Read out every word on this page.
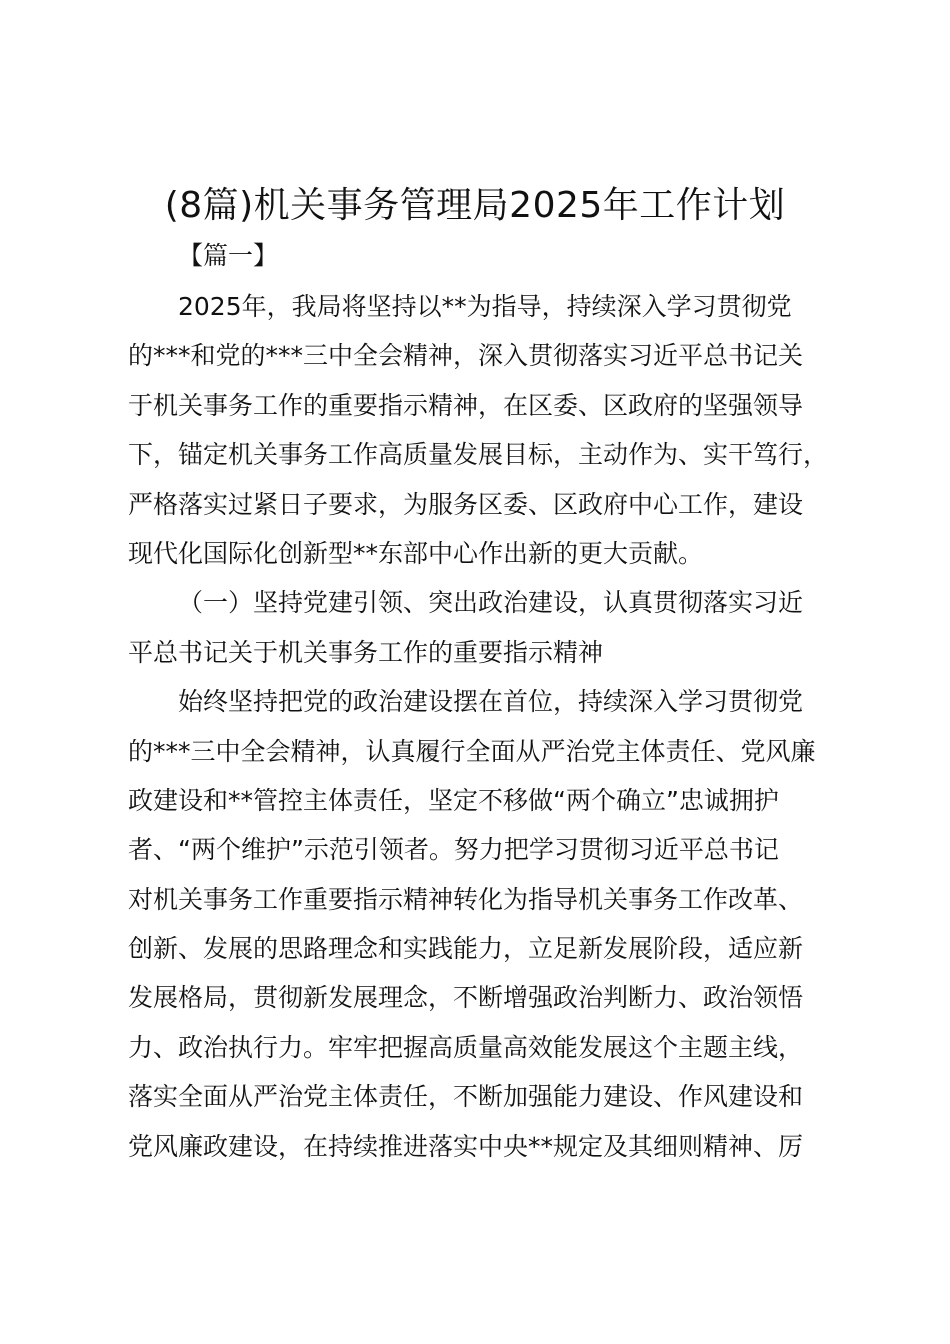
(8篇)机关事务管理局2025年工作计划
【篇一】
2025年，我局将坚持以**为指导，持续深入学习贯彻党
的***和党的***三中全会精神，深入贯彻落实习近平总书记关
于机关事务工作的重要指示精神，在区委、区政府的坚强领导
下，锚定机关事务工作高质量发展目标，主动作为、实干笃行，
严格落实过紧日子要求，为服务区委、区政府中心工作，建设
现代化国际化创新型**东部中心作出新的更大贡献。
（一）坚持党建引领、突出政治建设，认真贯彻落实习近
平总书记关于机关事务工作的重要指示精神
始终坚持把党的政治建设摆在首位，持续深入学习贯彻党
的***三中全会精神，认真履行全面从严治党主体责任、党风廉
政建设和**管控主体责任，坚定不移做“两个确立”忠诚拥护
者、“两个维护”示范引领者。努力把学习贯彻习近平总书记
对机关事务工作重要指示精神转化为指导机关事务工作改革、
创新、发展的思路理念和实践能力，立足新发展阶段，适应新
发展格局，贯彻新发展理念，不断增强政治判断力、政治领悟
力、政治执行力。牢牢把握高质量高效能发展这个主题主线，
落实全面从严治党主体责任，不断加强能力建设、作风建设和
党风廉政建设，在持续推进落实中央**规定及其细则精神、厉
